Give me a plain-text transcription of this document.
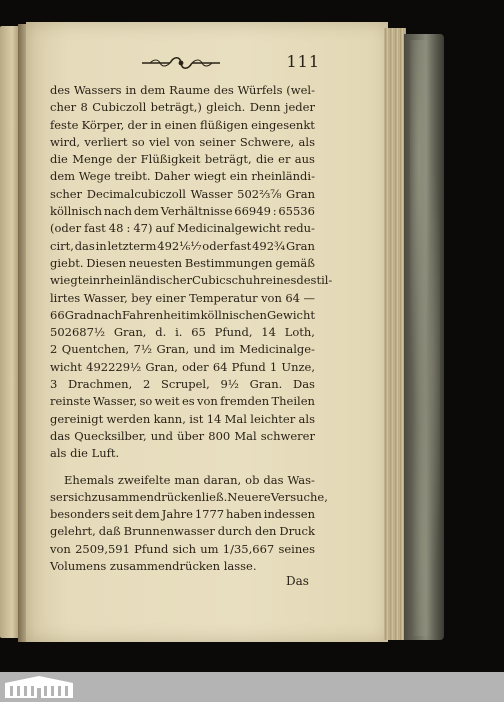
111
des Wassers in dem Raume des Würfels (wel-
cher 8 Cubiczoll beträgt,) gleich. Denn jeder
feste Körper, der in einen flüßigen eingesenkt
wird, verliert so viel von seiner Schwere, als
die Menge der Flüßigkeit beträgt, die er aus
dem Wege treibt. Daher wiegt ein rheinländi-
scher Decimalcubiczoll Wasser 502⅔⅞ Gran
köllnisch nach dem Verhältnisse 66949 : 65536
(oder fast 48 : 47) auf Medicinalgewicht redu-
cirt, das in letzterm 492⅙⅐ oder fast 492¾ Gran
giebt. Diesen neuesten Bestimmungen gemäß
wiegt ein rheinländischer Cubicschuh reines destil-
lirtes Wasser, bey einer Temperatur von 64 —
66 Grad nach Fahrenheit im köllnischen Gewicht
502687½ Gran, d. i. 65 Pfund, 14 Loth,
2 Quentchen, 7½ Gran, und im Medicinalge-
wicht 492229½ Gran, oder 64 Pfund 1 Unze,
3 Drachmen, 2 Scrupel, 9½ Gran. Das
reinste Wasser, so weit es von fremden Theilen
gereinigt werden kann, ist 14 Mal leichter als
das Quecksilber, und über 800 Mal schwerer
als die Luft.
Ehemals zweifelte man daran, ob das Was-
ser sich zusammendrücken ließ. Neuere Versuche,
besonders seit dem Jahre 1777 haben indessen
gelehrt, daß Brunnenwasser durch den Druck
von 2509,591 Pfund sich um 1/35,667 seines
Volumens zusammendrücken lasse.
Das
